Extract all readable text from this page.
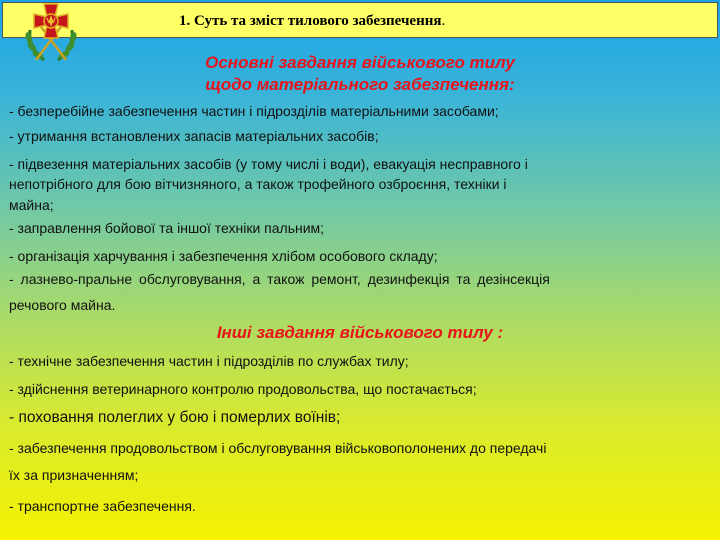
1. Суть та зміст тилового забезпечення.
Основні завдання військового тилу
щодо матеріального забезпечення:
- безперебійне забезпечення частин і підрозділів матеріальними засобами;
- утримання встановлених запасів матеріальних засобів;
- підвезення матеріальних засобів (у тому числі і води), евакуація несправного і
непотрібного для бою вітчизняного, а також трофейного озброєння, техніки і
майна;
- заправлення бойової та іншої техніки пальним;
- організація харчування і забезпечення хлібом особового складу;
- лазнево-пральне обслуговування, а також ремонт, дезинфекція та дезінсекція
речового майна.
Інші завдання військового тилу :
- технічне забезпечення частин і підрозділів по службах тилу;
- здійснення ветеринарного контролю продовольства, що постачається;
- поховання полеглих у бою і померлих воїнів;
- забезпечення продовольством і обслуговування військовополонених до передачі
їх за призначенням;
- транспортне забезпечення.
